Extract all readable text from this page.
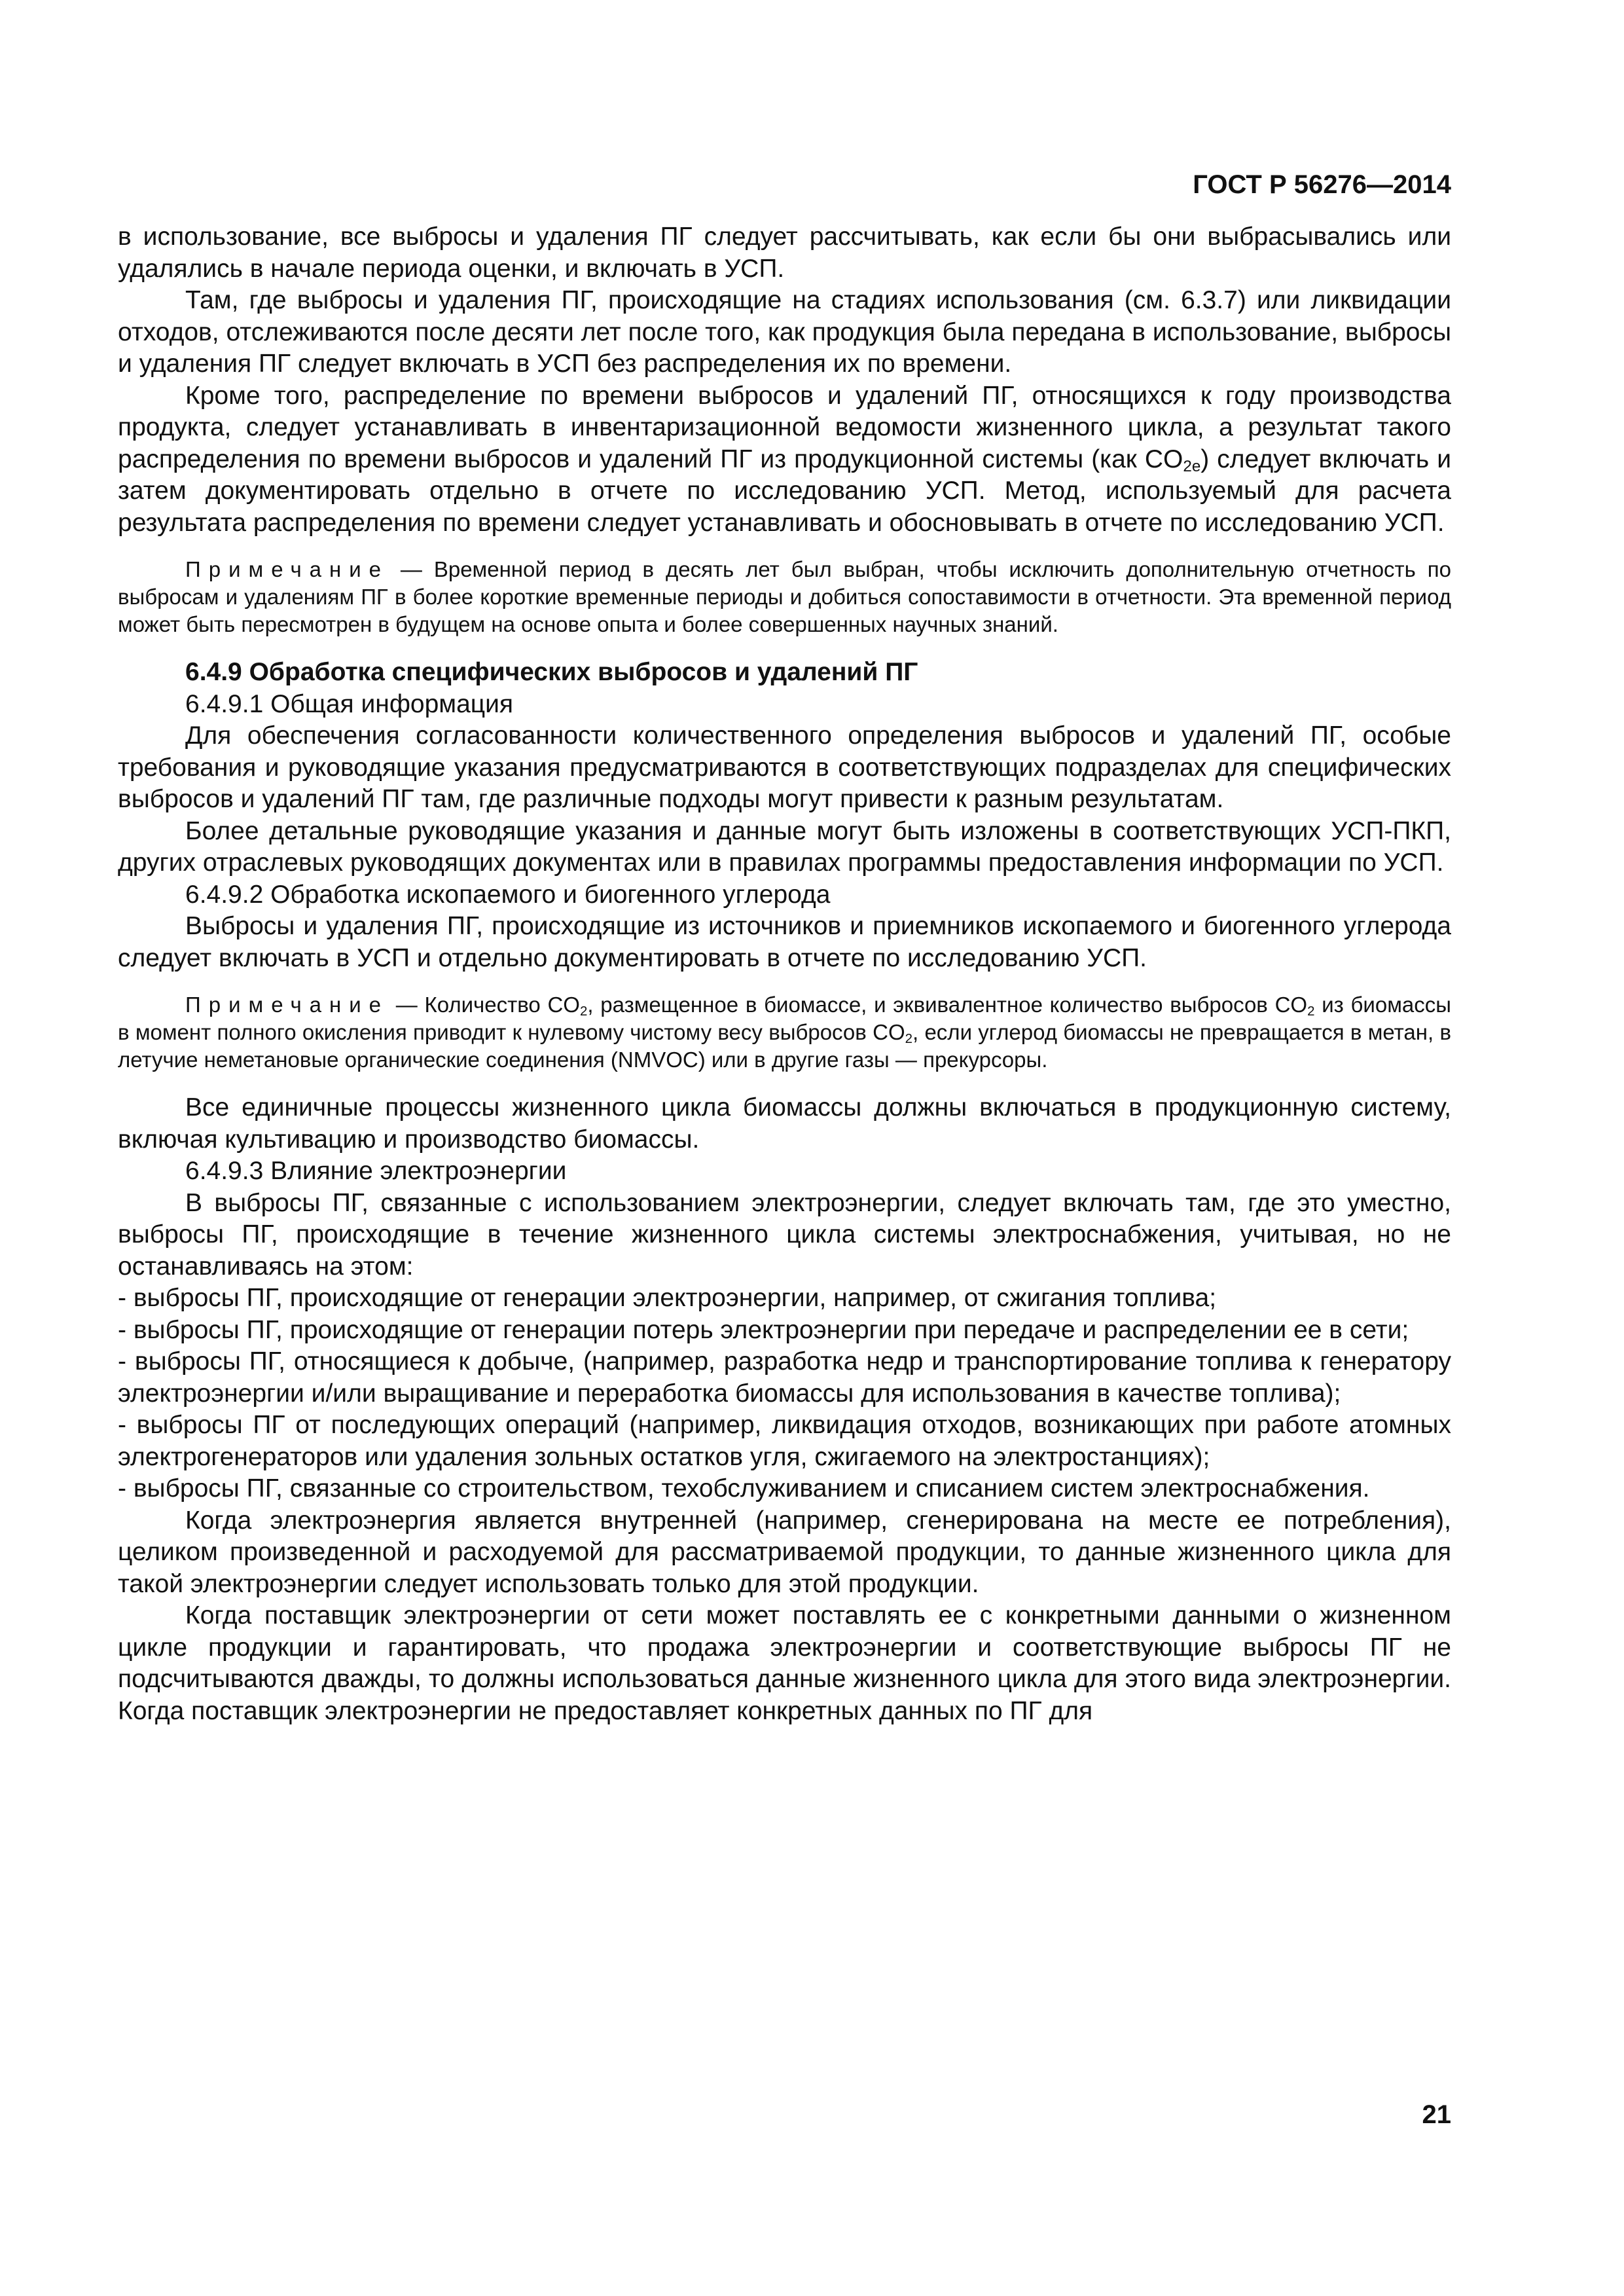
ГОСТ Р 56276—2014

в использование, все выбросы и удаления ПГ следует рассчитывать, как если бы они выбрасывались или удалялись в начале периода оценки, и включать в УСП.

Там, где выбросы и удаления ПГ, происходящие на стадиях использования (см. 6.3.7) или ликвидации отходов, отслеживаются после десяти лет после того, как продукция была передана в использование, выбросы и удаления ПГ следует включать в УСП без распределения их по времени.

Кроме того, распределение по времени выбросов и удалений ПГ, относящихся к году производства продукта, следует устанавливать в инвентаризационной ведомости жизненного цикла, а результат такого распределения по времени выбросов и удалений ПГ из продукционной системы (как $CO_{2e}$) следует включать и затем документировать отдельно в отчете по исследованию УСП. Метод, используемый для расчета результата распределения по времени следует устанавливать и обосновывать в отчете по исследованию УСП.

Примечание — Временной период в десять лет был выбран, чтобы исключить дополнительную отчетность по выбросам и удалениям ПГ в более короткие временные периоды и добиться сопоставимости в отчетности. Эта временной период может быть пересмотрен в будущем на основе опыта и более совершенных научных знаний.

6.4.9 Обработка специфических выбросов и удалений ПГ

6.4.9.1 Общая информация

Для обеспечения согласованности количественного определения выбросов и удалений ПГ, особые требования и руководящие указания предусматриваются в соответствующих подразделах для специфических выбросов и удалений ПГ там, где различные подходы могут привести к разным результатам.

Более детальные руководящие указания и данные могут быть изложены в соответствующих УСП-ПКП, других отраслевых руководящих документах или в правилах программы предоставления информации по УСП.

6.4.9.2 Обработка ископаемого и биогенного углерода

Выбросы и удаления ПГ, происходящие из источников и приемников ископаемого и биогенного углерода следует включать в УСП и отдельно документировать в отчете по исследованию УСП.

Примечание — Количество $CO_2$, размещенное в биомассе, и эквивалентное количество выбросов $CO_2$ из биомассы в момент полного окисления приводит к нулевому чистому весу выбросов $CO_2$, если углерод биомассы не превращается в метан, в летучие неметановые органические соединения (NMVOC) или в другие газы — прекурсоры.

Все единичные процессы жизненного цикла биомассы должны включаться в продукционную систему, включая культивацию и производство биомассы.

6.4.9.3 Влияние электроэнергии

В выбросы ПГ, связанные с использованием электроэнергии, следует включать там, где это уместно, выбросы ПГ, происходящие в течение жизненного цикла системы электроснабжения, учитывая, но не останавливаясь на этом:

- выбросы ПГ, происходящие от генерации электроэнергии, например, от сжигания топлива;

- выбросы ПГ, происходящие от генерации потерь электроэнергии при передаче и распределении ее в сети;

- выбросы ПГ, относящиеся к добыче, (например, разработка недр и транспортирование топлива к генератору электроэнергии и/или выращивание и переработка биомассы для использования в качестве топлива);

- выбросы ПГ от последующих операций (например, ликвидация отходов, возникающих при работе атомных электрогенераторов или удаления зольных остатков угля, сжигаемого на электростанциях);

- выбросы ПГ, связанные со строительством, техобслуживанием и списанием систем электроснабжения.

Когда электроэнергия является внутренней (например, сгенерирована на месте ее потребления), целиком произведенной и расходуемой для рассматриваемой продукции, то данные жизненного цикла для такой электроэнергии следует использовать только для этой продукции.

Когда поставщик электроэнергии от сети может поставлять ее с конкретными данными о жизненном цикле продукции и гарантировать, что продажа электроэнергии и соответствующие выбросы ПГ не подсчитываются дважды, то должны использоваться данные жизненного цикла для этого вида электроэнергии. Когда поставщик электроэнергии не предоставляет конкретных данных по ПГ для

21
